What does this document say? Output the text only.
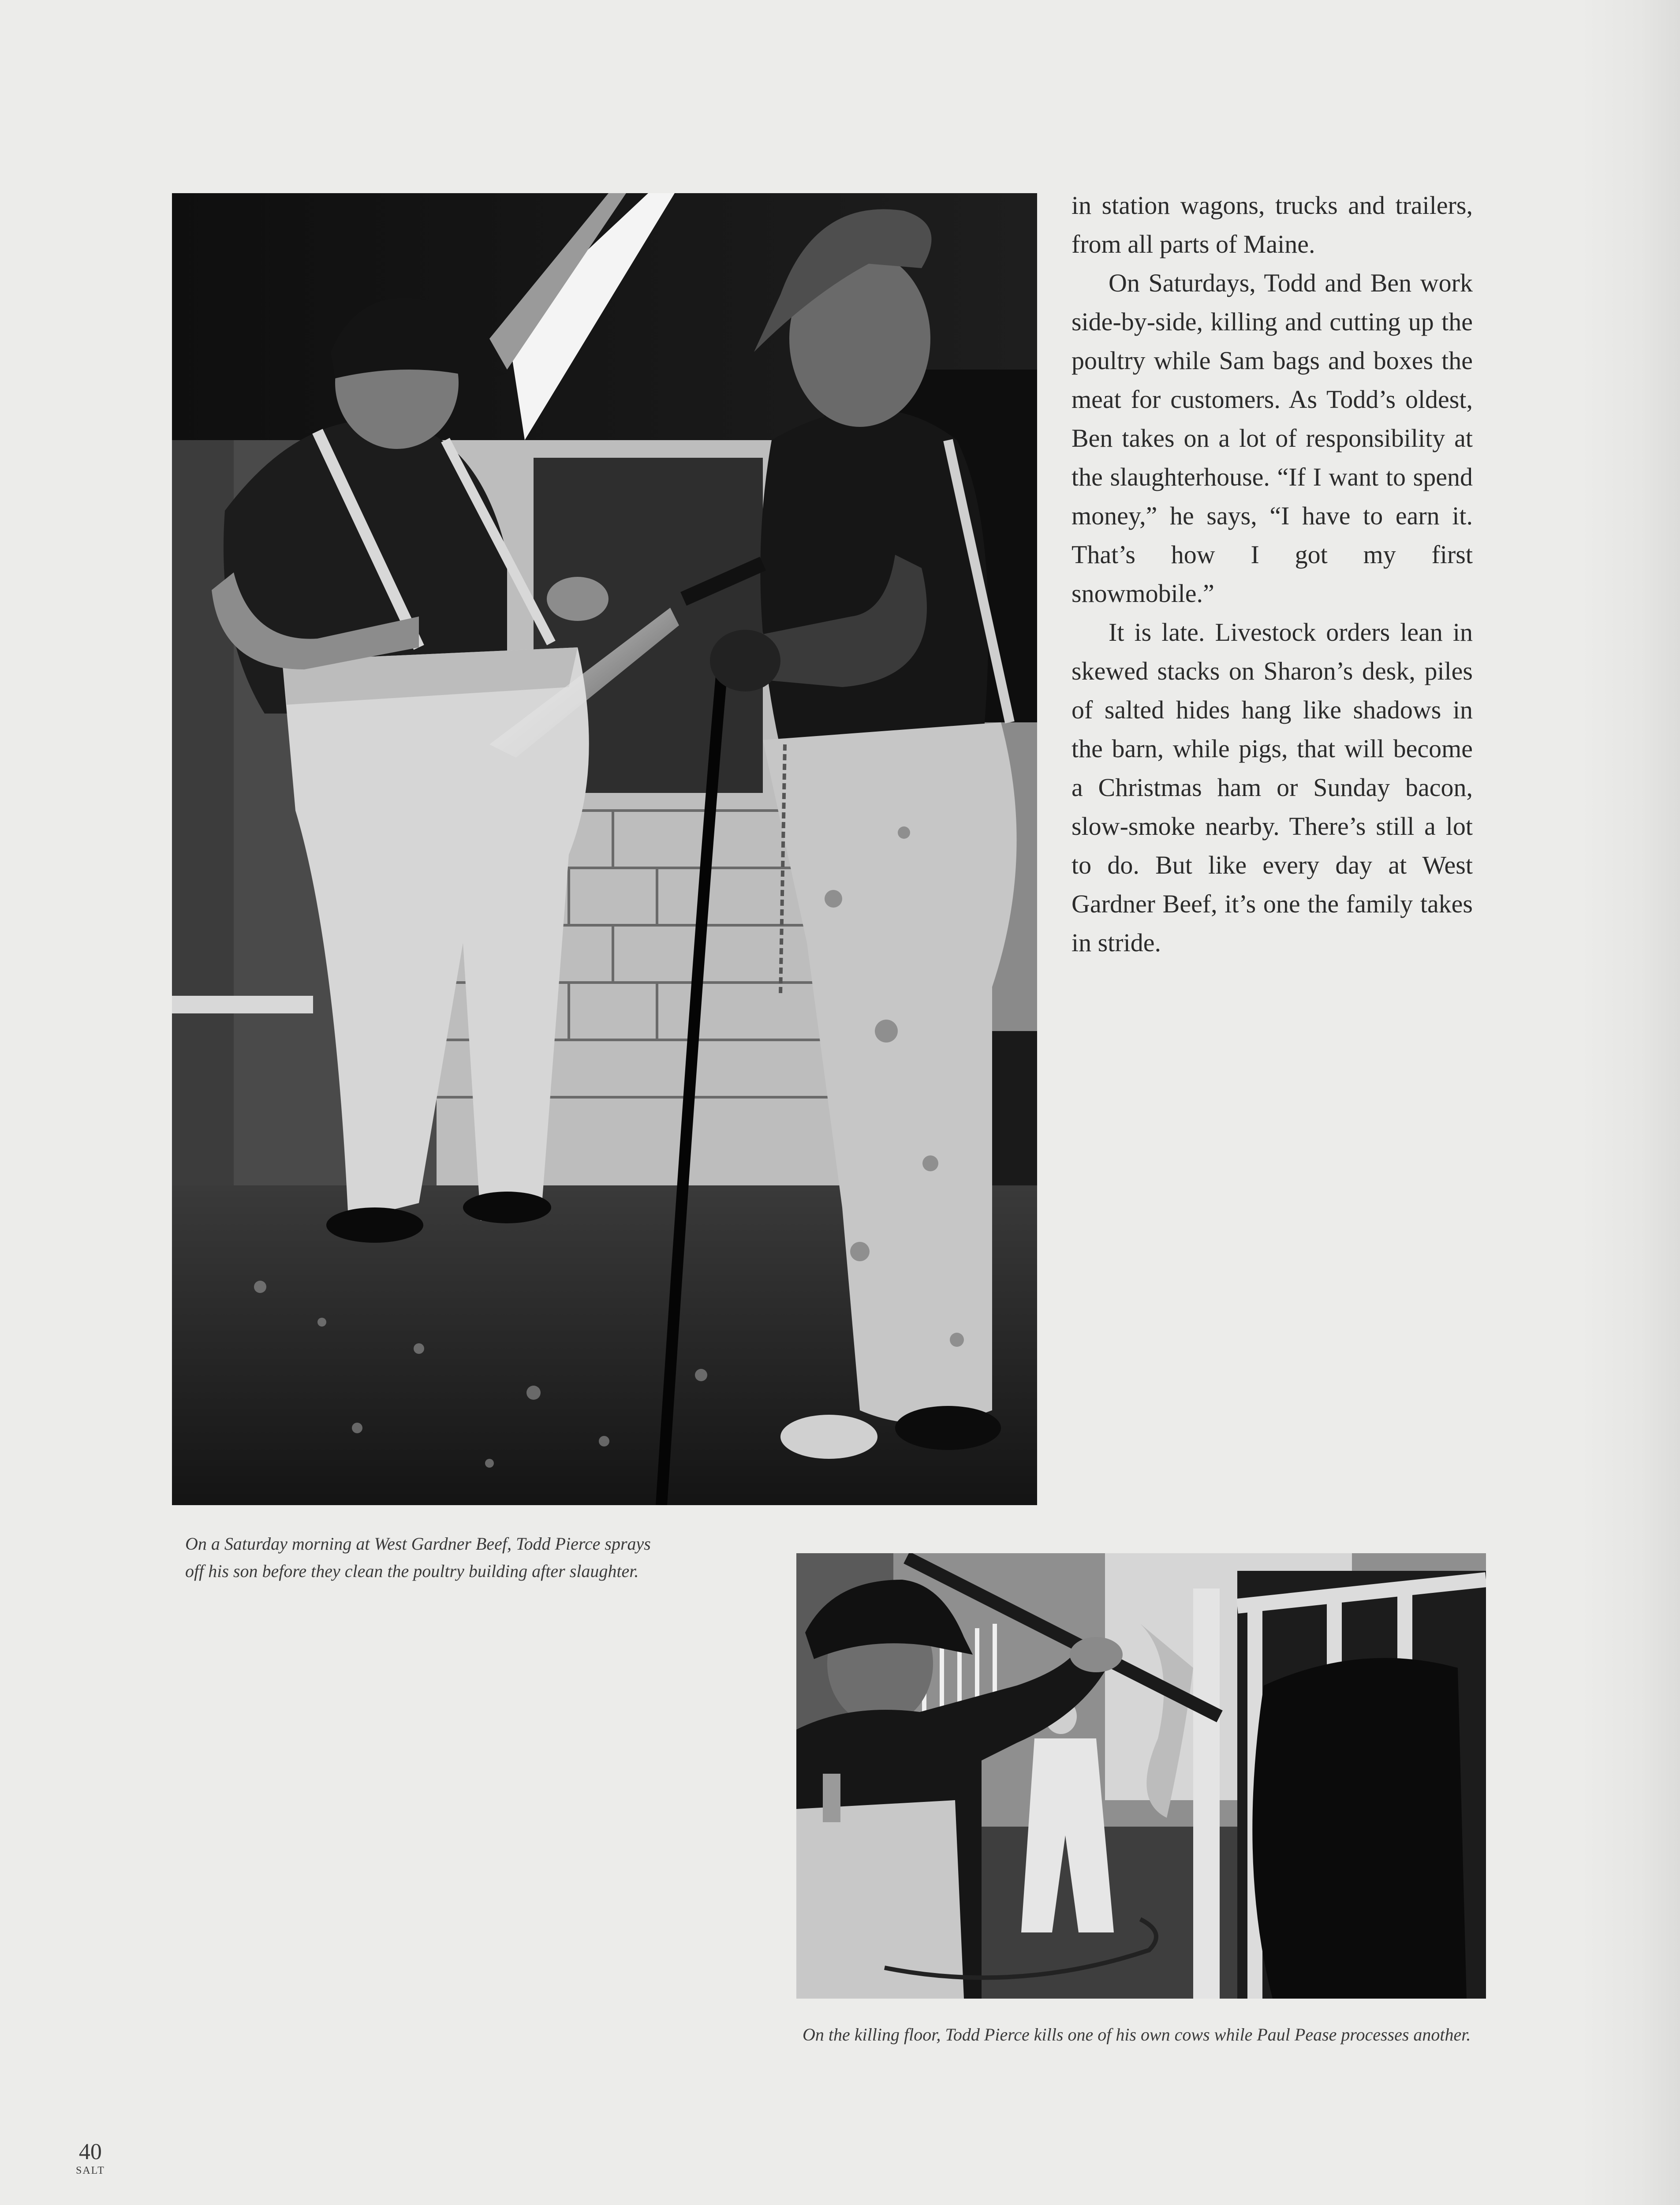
in station wagons, trucks and trailers, from all parts of Maine.

On Saturdays, Todd and Ben work side-by-side, killing and cutting up the poultry while Sam bags and boxes the meat for customers. As Todd’s oldest, Ben takes on a lot of responsibility at the slaughterhouse. “If I want to spend money,” he says, “I have to earn it. That’s how I got my first snowmobile.”

It is late. Livestock orders lean in skewed stacks on Sharon’s desk, piles of salted hides hang like shadows in the barn, while pigs, that will become a Christmas ham or Sunday bacon, slow-smoke nearby. There’s still a lot to do. But like every day at West Gardner Beef, it’s one the family takes in stride.

On a Saturday morning at West Gardner Beef, Todd Pierce sprays off his son before they clean the poultry building after slaughter.
On the killing floor, Todd Pierce kills one of his own cows while Paul Pease processes another.
40
SALT
